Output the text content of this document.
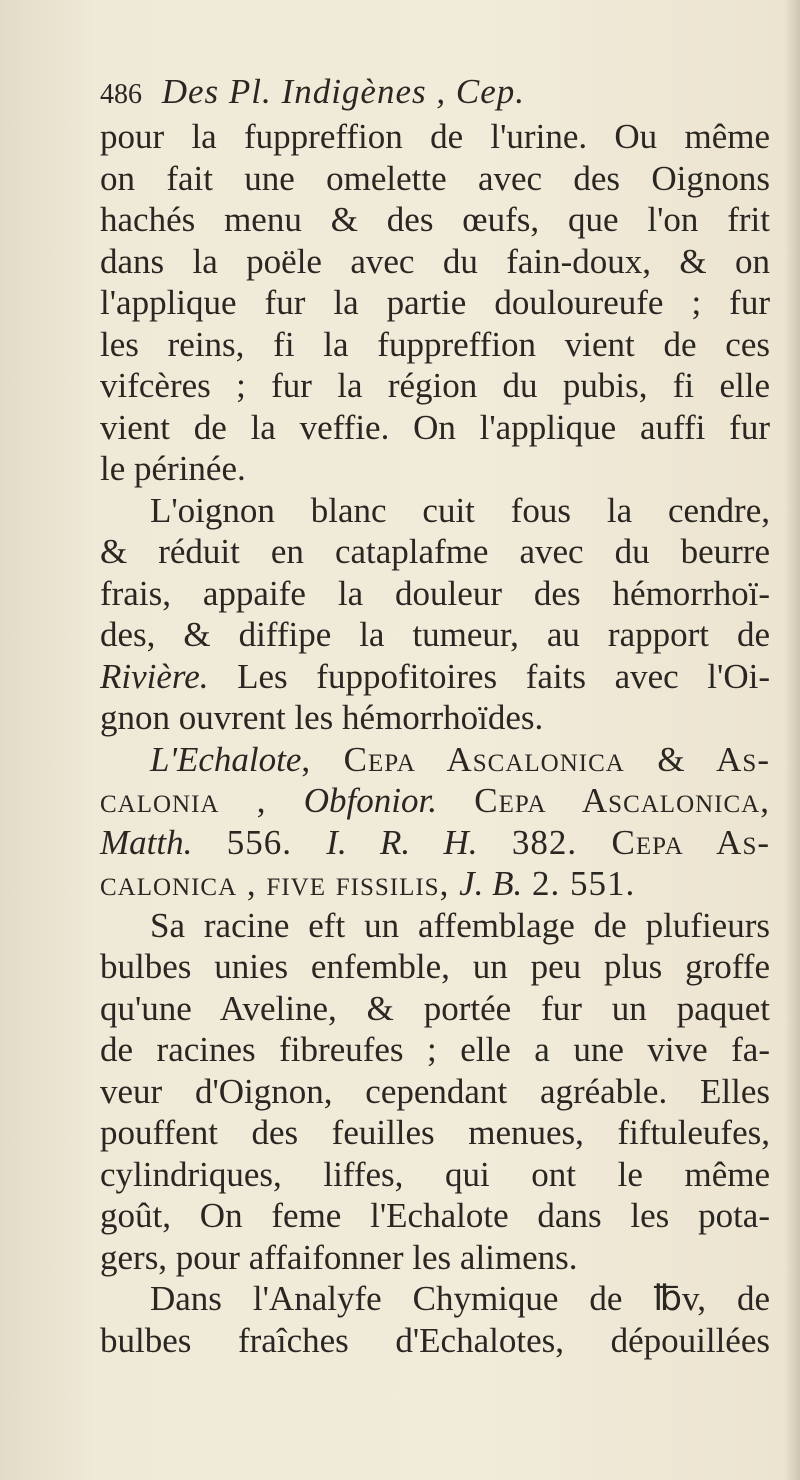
486 Des Pl. Indigènes , Cep.
pour la fuppreffion de l'urine. Ou même
on fait une omelette avec des Oignons
hachés menu & des œufs, que l'on frit
dans la poële avec du fain-doux, & on
l'applique fur la partie douloureufe ; fur
les reins, fi la fuppreffion vient de ces
vifcères ; fur la région du pubis, fi elle
vient de la veffie. On l'applique auffi fur
le périnée.
L'oignon blanc cuit fous la cendre,
& réduit en cataplafme avec du beurre
frais, appaife la douleur des hémorrhoï-
des, & diffipe la tumeur, au rapport de
Rivière. Les fuppofitoires faits avec l'Oi-
gnon ouvrent les hémorrhoïdes.
L'Echalote, Cepa Ascalonica & As-
calonia , Obfonior. Cepa Ascalonica,
Matth. 556. I. R. H. 382. Cepa As-
calonica , five fissilis, J. B. 2. 551.
Sa racine eft un affemblage de plufieurs
bulbes unies enfemble, un peu plus groffe
qu'une Aveline, & portée fur un paquet
de racines fibreufes ; elle a une vive fa-
veur d'Oignon, cependant agréable. Elles
pouffent des feuilles menues, fiftuleufes,
cylindriques, liffes, qui ont le même
goût, On feme l'Echalote dans les pota-
gers, pour affaifonner les alimens.
Dans l'Analyfe Chymique de ℔v, de
bulbes fraîches d'Echalotes, dépouillées
